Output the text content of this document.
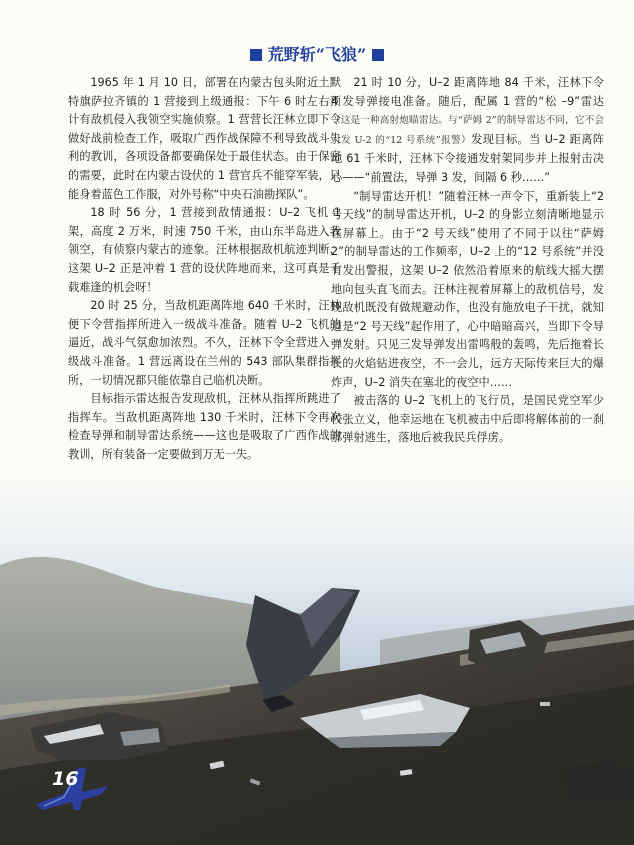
荒野斩“飞狼”

1965 年 1 月 10 日，部署在内蒙古包头附近土默特旗萨拉齐镇的 1 营接到上级通报：下午 6 时左右预计有敌机侵入我领空实施侦察。1 营营长汪林立即下令做好战前检查工作，吸取广西作战保障不利导致战斗失利的教训，各项设备都要确保处于最佳状态。由于保密的需要，此时在内蒙古设伏的 1 营官兵不能穿军装，只能身着蓝色工作服，对外号称“中央石油勘探队”。

18 时 56 分，1 营接到敌情通报：U–2 飞机 1 架，高度 2 万米，时速 750 千米，由山东半岛进入我领空，有侦察内蒙古的迹象。汪林根据敌机航迹判断，这架 U–2 正是冲着 1 营的设伏阵地而来，这可真是千载难逢的机会呀！

20 时 25 分，当敌机距离阵地 640 千米时，汪林便下令营指挥所进入一级战斗准备。随着 U–2 飞机的逼近，战斗气氛愈加浓烈。不久，汪林下令全营进入一级战斗准备。1 营远离设在兰州的 543 部队集群指挥所，一切情况都只能依靠自己临机决断。

目标指示雷达报告发现敌机，汪林从指挥所跳进了指挥车。当敌机距离阵地 130 千米时，汪林下令再次检查导弹和制导雷达系统——这也是吸取了广西作战的教训，所有装备一定要做到万无一失。

21 时 10 分，U–2 距离阵地 84 千米，汪林下令 4 发导弹接电准备。随后，配属 1 营的“松 –9”雷达（这是一种高射炮瞄雷达。与“萨姆 2”的制导雷达不同，它不会引发 U-2 的“12 号系统”报警）发现目标。当 U–2 距离阵地 61 千米时，汪林下令接通发射架同步并上报射击决心——“前置法，导弹 3 发，间隔 6 秒……”

“制导雷达开机！”随着汪林一声令下，重新装上“2 号天线”的制导雷达开机，U–2 的身影立刻清晰地显示在屏幕上。由于“2 号天线”使用了不同于以往“萨姆 2”的制导雷达的工作频率，U–2 上的“12 号系统”并没有发出警报，这架 U–2 依然沿着原来的航线大摇大摆地向包头直飞而去。汪林注视着屏幕上的敌机信号，发现敌机既没有做规避动作，也没有施放电子干扰，就知道是“2 号天线”起作用了，心中暗暗高兴，当即下令导弹发射。只见三发导弹发出雷鸣般的轰鸣，先后拖着长长的火焰钻进夜空，不一会儿，远方天际传来巨大的爆炸声，U–2 消失在塞北的夜空中……

被击落的 U–2 飞机上的飞行员，是国民党空军少校张立义，他幸运地在飞机被击中后即将解体前的一刹那弹射逃生，落地后被我民兵俘虏。

16
